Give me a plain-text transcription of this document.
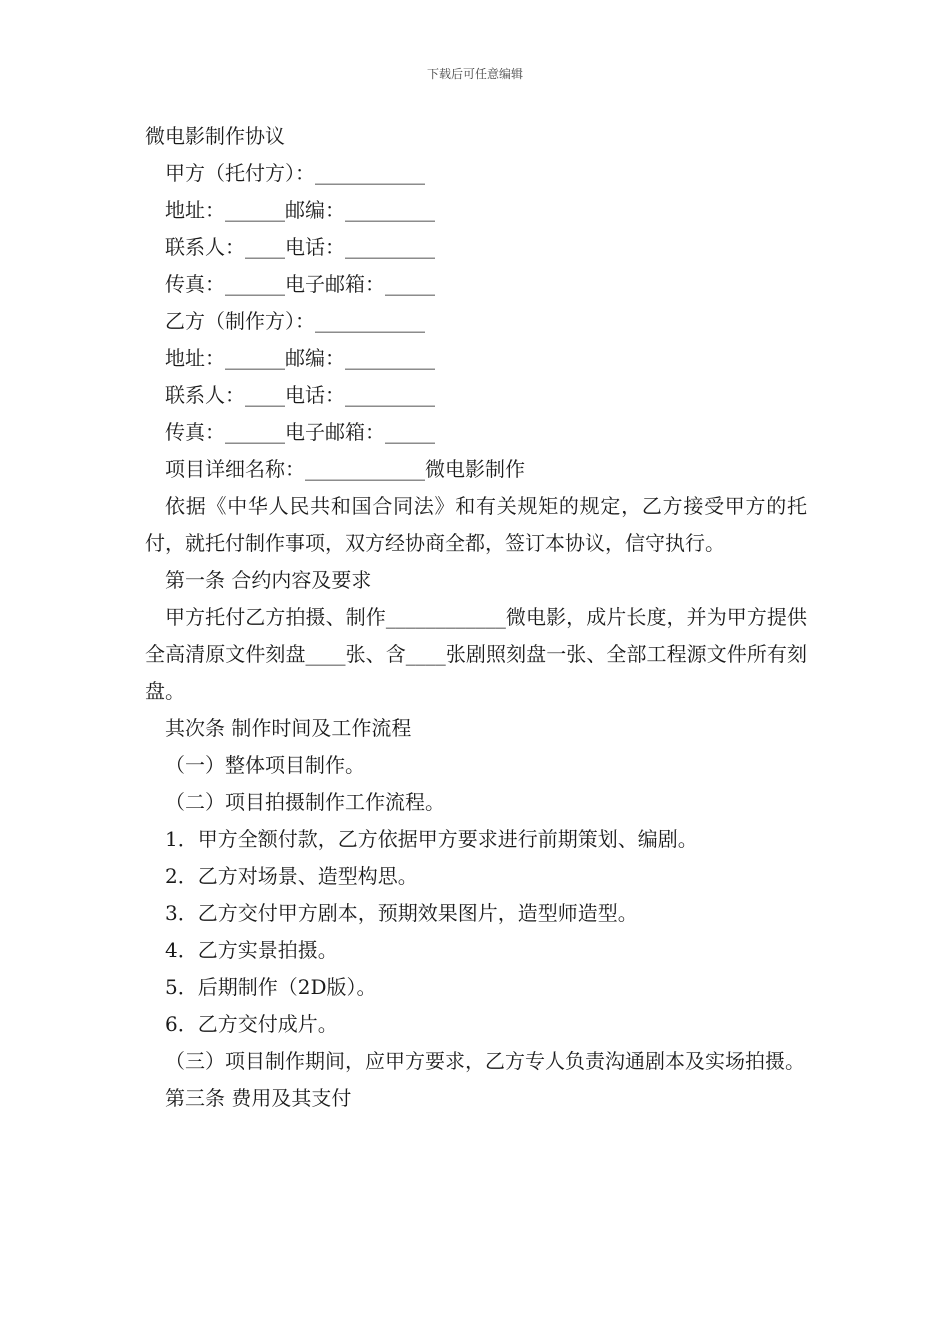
下载后可任意编辑

微电影制作协议

甲方（托付方）：___________

地址：______邮编：_________

联系人：____电话：_________

传真：______电子邮箱：_____

乙方（制作方）：___________

地址：______邮编：_________

联系人：____电话：_________

传真：______电子邮箱：_____

项目详细名称：____________微电影制作

依据《中华人民共和国合同法》和有关规矩的规定，乙方接受甲方的托付，就托付制作事项，双方经协商全都，签订本协议，信守执行。

第一条 合约内容及要求

甲方托付乙方拍摄、制作____________微电影，成片长度，并为甲方提供全高清原文件刻盘____张、含____张剧照刻盘一张、全部工程源文件所有刻盘。

其次条 制作时间及工作流程

（一）整体项目制作。

（二）项目拍摄制作工作流程。

1．甲方全额付款，乙方依据甲方要求进行前期策划、编剧。

2．乙方对场景、造型构思。

3．乙方交付甲方剧本，预期效果图片，造型师造型。

4．乙方实景拍摄。

5．后期制作（2D版）。

6．乙方交付成片。

（三）项目制作期间，应甲方要求，乙方专人负责沟通剧本及实场拍摄。

第三条 费用及其支付
